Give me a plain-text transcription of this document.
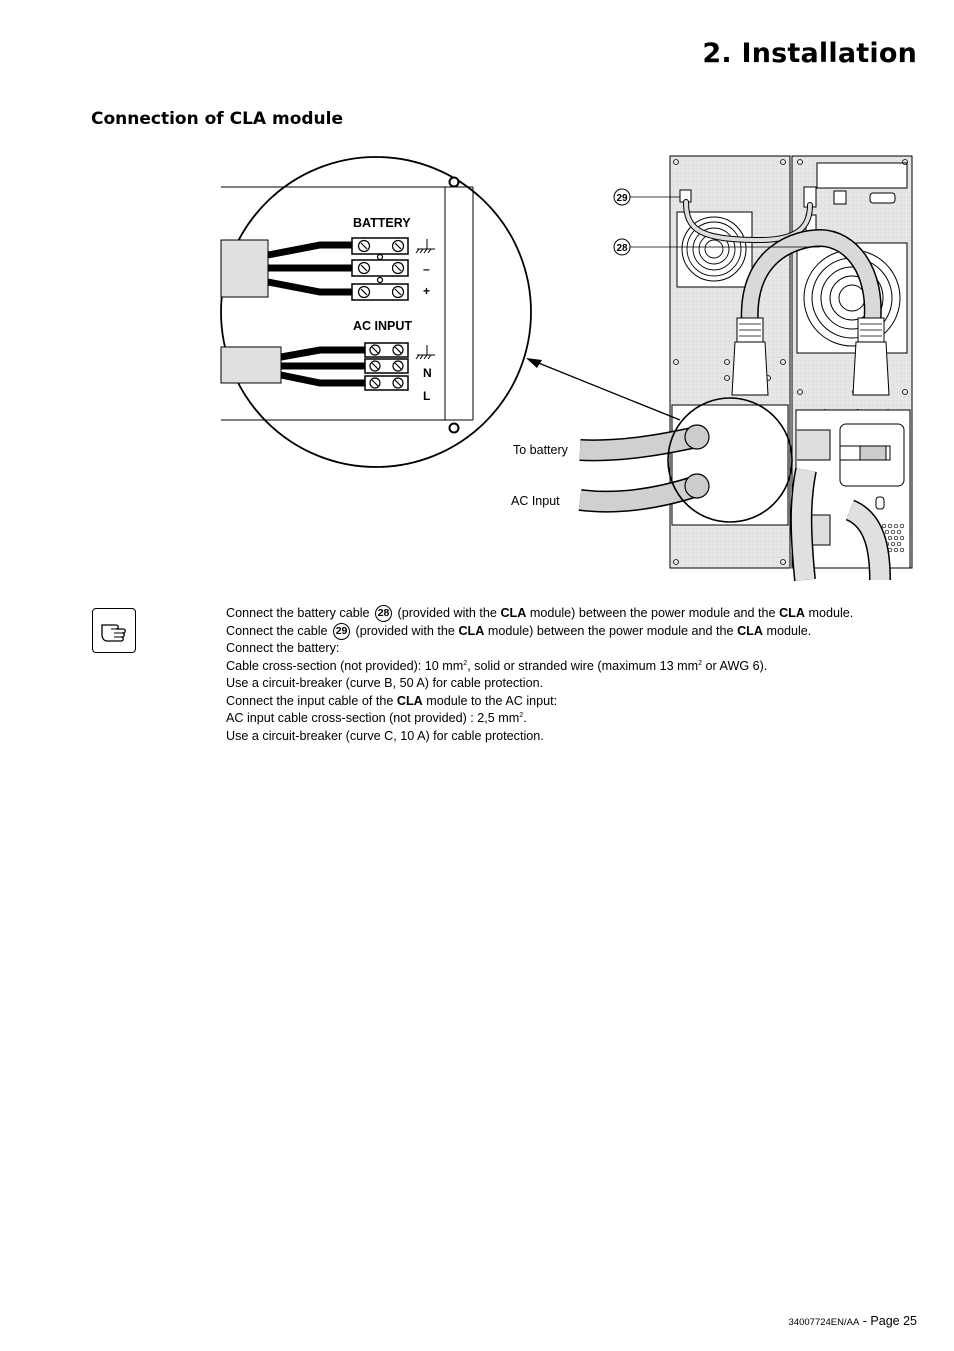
2. Installation
Connection of CLA module
BATTERY
–
+
AC INPUT
N
L
29
28
To battery
AC Input
Connect the battery cable 28 (provided with the CLA module) between the power module and the CLA module.
Connect the cable 29 (provided with the CLA module) between the power module and the CLA module.
Connect the battery:
Cable cross-section (not provided): 10 $mm^2$, solid or stranded wire (maximum 13 $mm^2$ or AWG 6).
Use a circuit-breaker (curve B, 50 A) for cable protection.
Connect the input cable of the CLA module to the AC input:
AC input cable cross-section (not provided) : 2,5 $mm^2$.
Use a circuit-breaker (curve C, 10 A) for cable protection.
34007724EN/AA - Page 25
